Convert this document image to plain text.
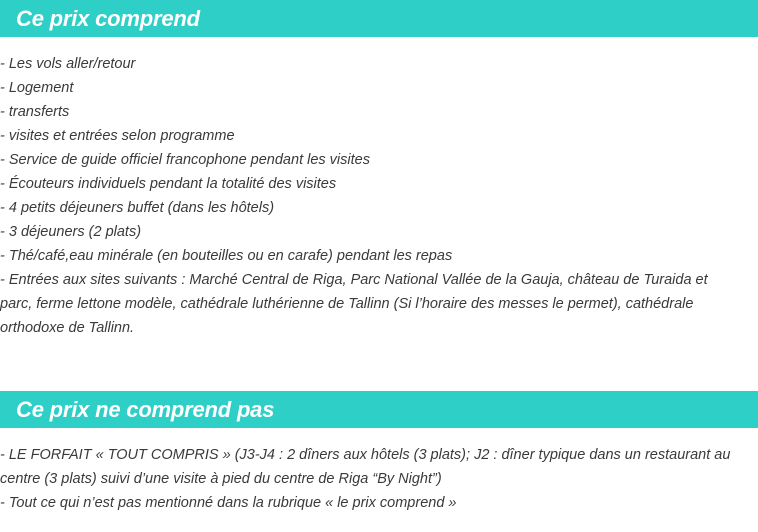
Ce prix comprend
- Les vols aller/retour
- Logement
- transferts
- visites et entrées selon programme
- Service de guide officiel francophone pendant les visites
- Écouteurs individuels pendant la totalité des visites
- 4 petits déjeuners buffet (dans les hôtels)
- 3 déjeuners (2 plats)
- Thé/café,eau minérale (en bouteilles ou en carafe) pendant les repas
- Entrées aux sites suivants : Marché Central de Riga, Parc National Vallée de la Gauja, château de Turaida et parc, ferme lettone modèle, cathédrale luthérienne de Tallinn (Si l’horaire des messes le permet), cathédrale orthodoxe de Tallinn.
Ce prix ne comprend pas
- LE FORFAIT « TOUT COMPRIS » (J3-J4 : 2 dîners aux hôtels (3 plats); J2 : dîner typique dans un restaurant au centre (3 plats) suivi d’une visite à pied du centre de Riga “By Night”)
- Tout ce qui n’est pas mentionné dans la rubrique « le prix comprend »
